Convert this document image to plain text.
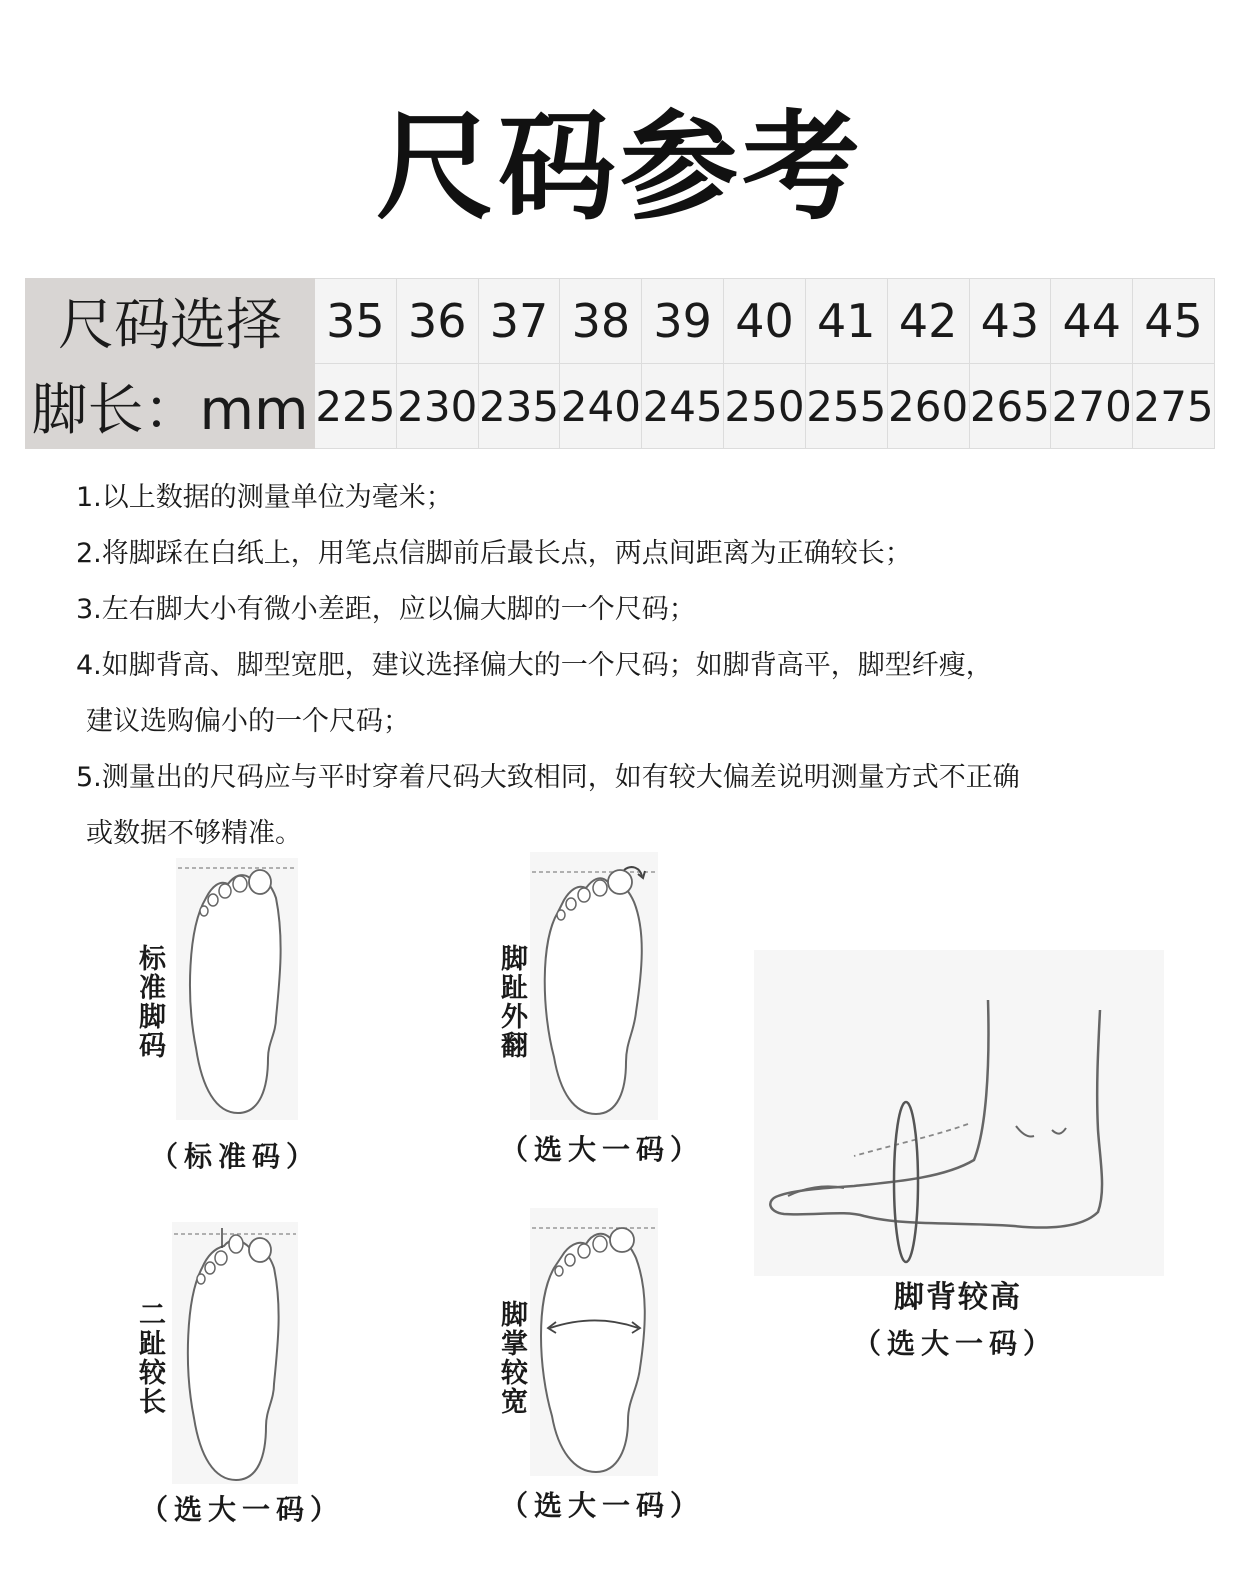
尺码参考
尺码选择	35	36	37	38	39	40	41	42	43	44	45
脚长：mm	225	230	235	240	245	250	255	260	265	270	275
1.以上数据的测量单位为毫米；
2.将脚踩在白纸上，用笔点信脚前后最长点，两点间距离为正确较长；
3.左右脚大小有微小差距，应以偏大脚的一个尺码；
4.如脚背高、脚型宽肥，建议选择偏大的一个尺码；如脚背高平，脚型纤瘦，
建议选购偏小的一个尺码；
5.测量出的尺码应与平时穿着尺码大致相同，如有较大偏差说明测量方式不正确
或数据不够精准。
标准脚码
（标准码）
脚趾外翻
（选大一码）
二趾较长
（选大一码）
脚掌较宽
（选大一码）
脚背较高
（选大一码）
